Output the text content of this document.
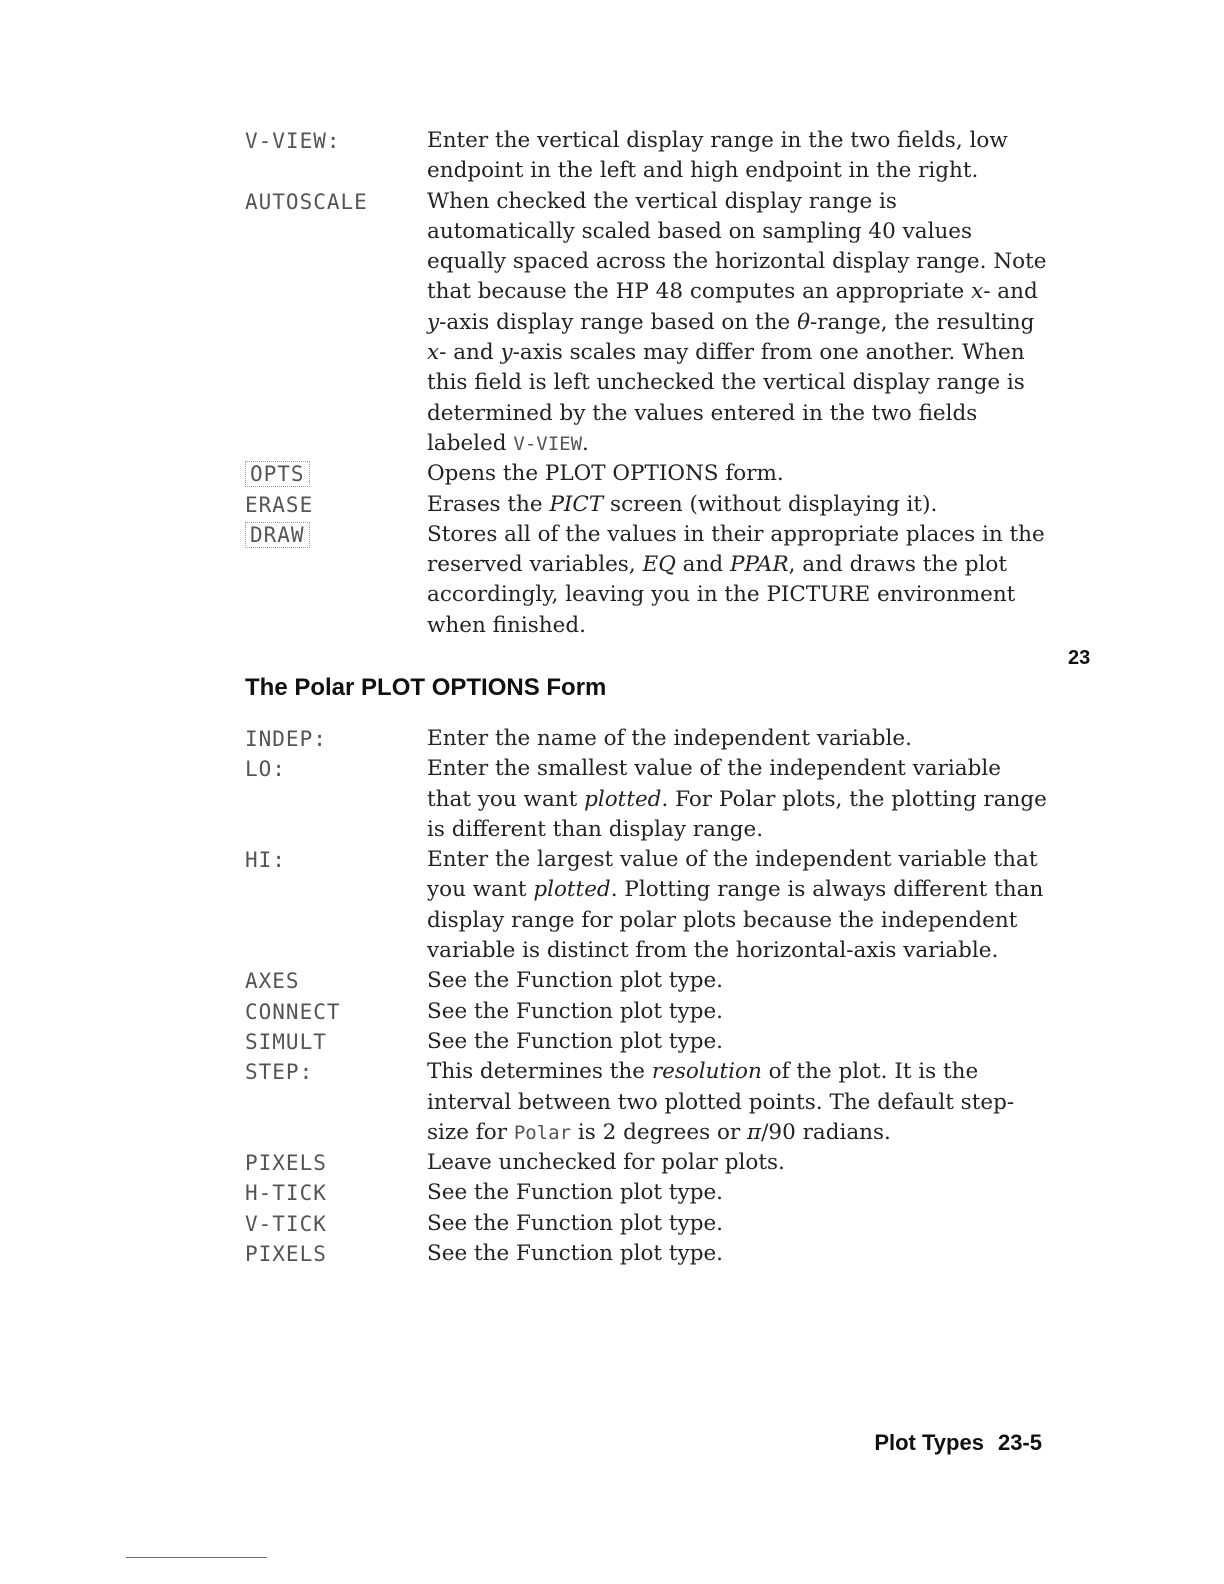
V-VIEW:	Enter the vertical display range in the two fields, low endpoint in the left and high endpoint in the right.
AUTOSCALE	When checked the vertical display range is automatically scaled based on sampling 40 values equally spaced across the horizontal display range. Note that because the HP 48 computes an appropriate x- and y-axis display range based on the θ-range, the resulting x- and y-axis scales may differ from one another. When this field is left unchecked the vertical display range is determined by the values entered in the two fields labeled V-VIEW.
OPTS	Opens the PLOT OPTIONS form.
ERASE	Erases the PICT screen (without displaying it).
DRAW	Stores all of the values in their appropriate places in the reserved variables, EQ and PPAR, and draws the plot accordingly, leaving you in the PICTURE environment when finished.
The Polar PLOT OPTIONS Form
23
INDEP:	Enter the name of the independent variable.
LO:	Enter the smallest value of the independent variable that you want plotted. For Polar plots, the plotting range is different than display range.
HI:	Enter the largest value of the independent variable that you want plotted. Plotting range is always different than display range for polar plots because the independent variable is distinct from the horizontal-axis variable.
AXES	See the Function plot type.
CONNECT	See the Function plot type.
SIMULT	See the Function plot type.
STEP:	This determines the resolution of the plot. It is the interval between two plotted points. The default step-size for Polar is 2 degrees or π/90 radians.
PIXELS	Leave unchecked for polar plots.
H-TICK	See the Function plot type.
V-TICK	See the Function plot type.
PIXELS	See the Function plot type.
Plot Types 23-5
